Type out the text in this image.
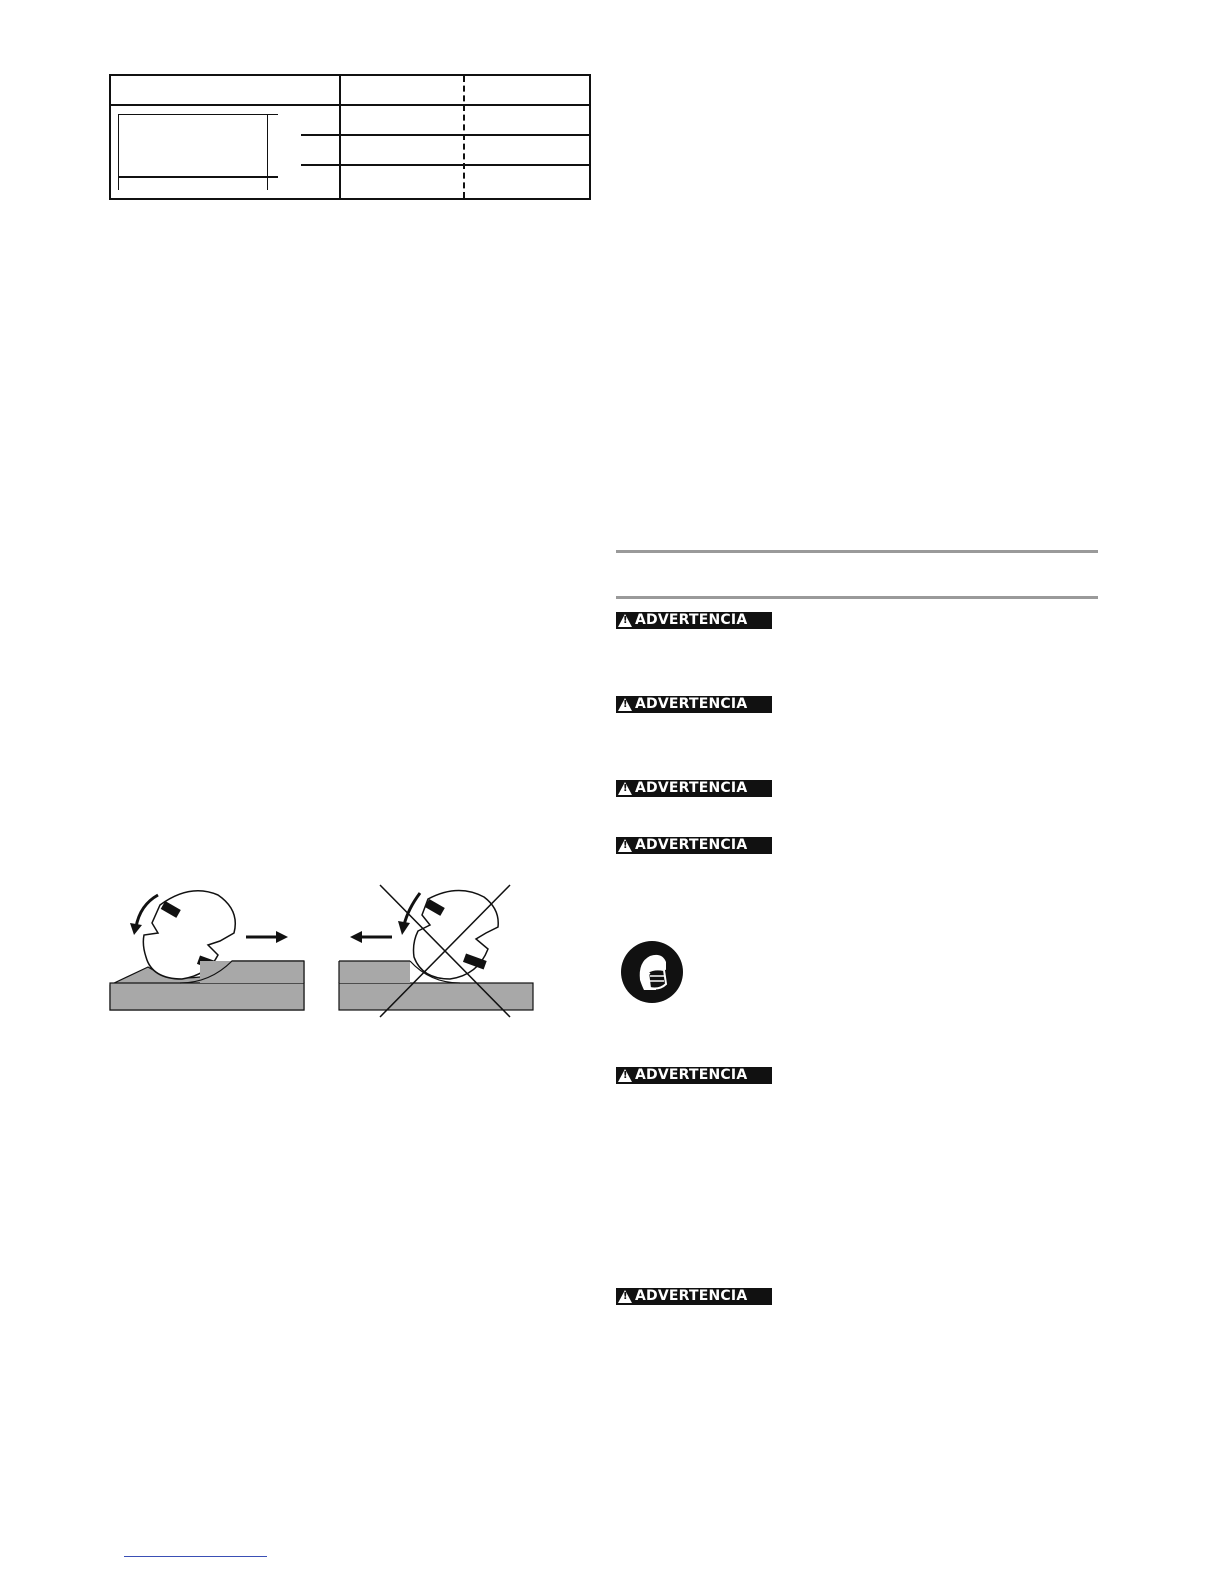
!
ADVERTENCIA
!
ADVERTENCIA
!
ADVERTENCIA
!
ADVERTENCIA
!
ADVERTENCIA
!
ADVERTENCIA
